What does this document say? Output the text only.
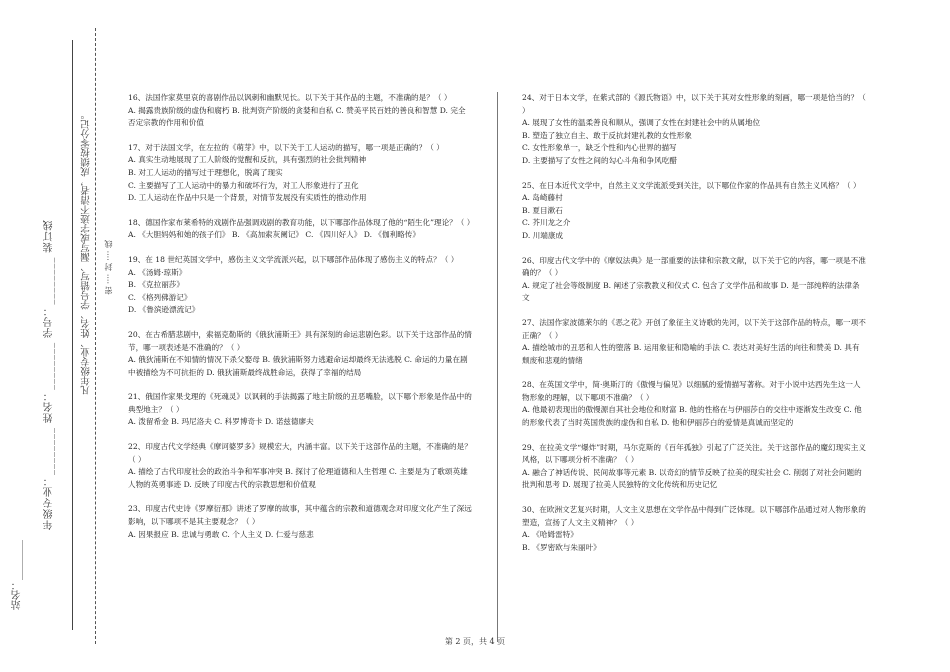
站名：________
年级专业：________ 姓名：________ 学号：________ 装订线	凡年级专业、姓名、学号错写、漏写或字迹不清者，成绩按零分记。 密 ···· 封 ···· 线

16、法国作家莫里哀的喜剧作品以讽刺和幽默见长。以下关于其作品的主题，不准确的是？（ ）

A. 揭露贵族阶级的虚伪和腐朽 B. 批判资产阶级的贪婪和自私 C. 赞美平民百姓的善良和智慧 D. 完全否定宗教的作用和价值

17、对于法国文学，在左拉的《萌芽》中，以下关于工人运动的描写，哪一项是正确的？（ ）

A. 真实生动地展现了工人阶级的觉醒和反抗，具有强烈的社会批判精神

B. 对工人运动的描写过于理想化，脱离了现实

C. 主要描写了工人运动中的暴力和破坏行为，对工人形象进行了丑化

D. 工人运动在作品中只是一个背景，对情节发展没有实质性的推动作用

18、德国作家布莱希特的戏剧作品强调戏剧的教育功能，以下哪部作品体现了他的“陌生化”理论？（ ）

A. 《大胆妈妈和她的孩子们》 B. 《高加索灰阑记》 C. 《四川好人》 D. 《伽利略传》

19、在 18 世纪英国文学中，感伤主义文学流派兴起，以下哪部作品体现了感伤主义的特点？（ ）

A. 《汤姆·琼斯》

B. 《克拉丽莎》

C. 《格列佛游记》

D. 《鲁滨逊漂流记》

20、在古希腊悲剧中，索福克勒斯的《俄狄浦斯王》具有深刻的命运悲剧色彩。以下关于这部作品的情节，哪一项表述是不准确的？（ ）

A. 俄狄浦斯在不知情的情况下杀父娶母 B. 俄狄浦斯努力逃避命运却最终无法逃脱 C. 命运的力量在剧中被描绘为不可抗拒的 D. 俄狄浦斯最终战胜命运，获得了幸福的结局

21、俄国作家果戈理的《死魂灵》以讽刺的手法揭露了地主阶级的丑恶嘴脸，以下哪个形象是作品中的典型地主？（ ）

A. 泼留希金 B. 玛尼洛夫 C. 科罗博奇卡 D. 诺兹德廖夫

22、印度古代文学经典《摩诃婆罗多》规模宏大，内涵丰富。以下关于这部作品的主题，不准确的是？（ ）

A. 描绘了古代印度社会的政治斗争和军事冲突 B. 探讨了伦理道德和人生哲理 C. 主要是为了歌颂英雄人物的英勇事迹 D. 反映了印度古代的宗教思想和价值观

23、印度古代史诗《罗摩衍那》讲述了罗摩的故事，其中蕴含的宗教和道德观念对印度文化产生了深远影响，以下哪项不是其主要观念？（ ）

A. 因果报应 B. 忠诚与勇敢 C. 个人主义 D. 仁爱与慈悲

24、对于日本文学，在紫式部的《源氏物语》中，以下关于其对女性形象的刻画，哪一项是恰当的？（ ）

A. 展现了女性的温柔善良和顺从，强调了女性在封建社会中的从属地位

B. 塑造了独立自主、敢于反抗封建礼教的女性形象

C. 女性形象单一，缺乏个性和内心世界的描写

D. 主要描写了女性之间的勾心斗角和争风吃醋

25、在日本近代文学中，自然主义文学流派受到关注，以下哪位作家的作品具有自然主义风格？（ ）

A. 岛崎藤村

B. 夏目漱石

C. 芥川龙之介

D. 川端康成

26、印度古代文学中的《摩奴法典》是一部重要的法律和宗教文献，以下关于它的内容，哪一项是不准确的？（ ）

A. 规定了社会等级制度 B. 阐述了宗教教义和仪式 C. 包含了文学作品和故事 D. 是一部纯粹的法律条文

27、法国作家波德莱尔的《恶之花》开创了象征主义诗歌的先河，以下关于这部作品的特点，哪一项不正确？（ ）

A. 描绘城市的丑恶和人性的堕落 B. 运用象征和隐喻的手法 C. 表达对美好生活的向往和赞美 D. 具有颓废和悲观的情绪

28、在英国文学中，简·奥斯汀的《傲慢与偏见》以细腻的爱情描写著称。对于小说中达西先生这一人物形象的理解，以下哪项不准确？（ ）

A. 他最初表现出的傲慢源自其社会地位和财富 B. 他的性格在与伊丽莎白的交往中逐渐发生改变 C. 他的形象代表了当时英国贵族的虚伪和自私 D. 他和伊丽莎白的爱情是真诚而坚定的

29、在拉美文学“爆炸”时期，马尔克斯的《百年孤独》引起了广泛关注。关于这部作品的魔幻现实主义风格，以下哪项分析不准确？（ ）

A. 融合了神话传说、民间故事等元素 B. 以奇幻的情节反映了拉美的现实社会 C. 削弱了对社会问题的批判和思考 D. 展现了拉美人民独特的文化传统和历史记忆

30、在欧洲文艺复兴时期，人文主义思想在文学作品中得到广泛体现。以下哪部作品通过对人物形象的塑造，宣扬了人文主义精神？（ ）

A. 《哈姆雷特》

B. 《罗密欧与朱丽叶》

第 2 页，共 4 页
